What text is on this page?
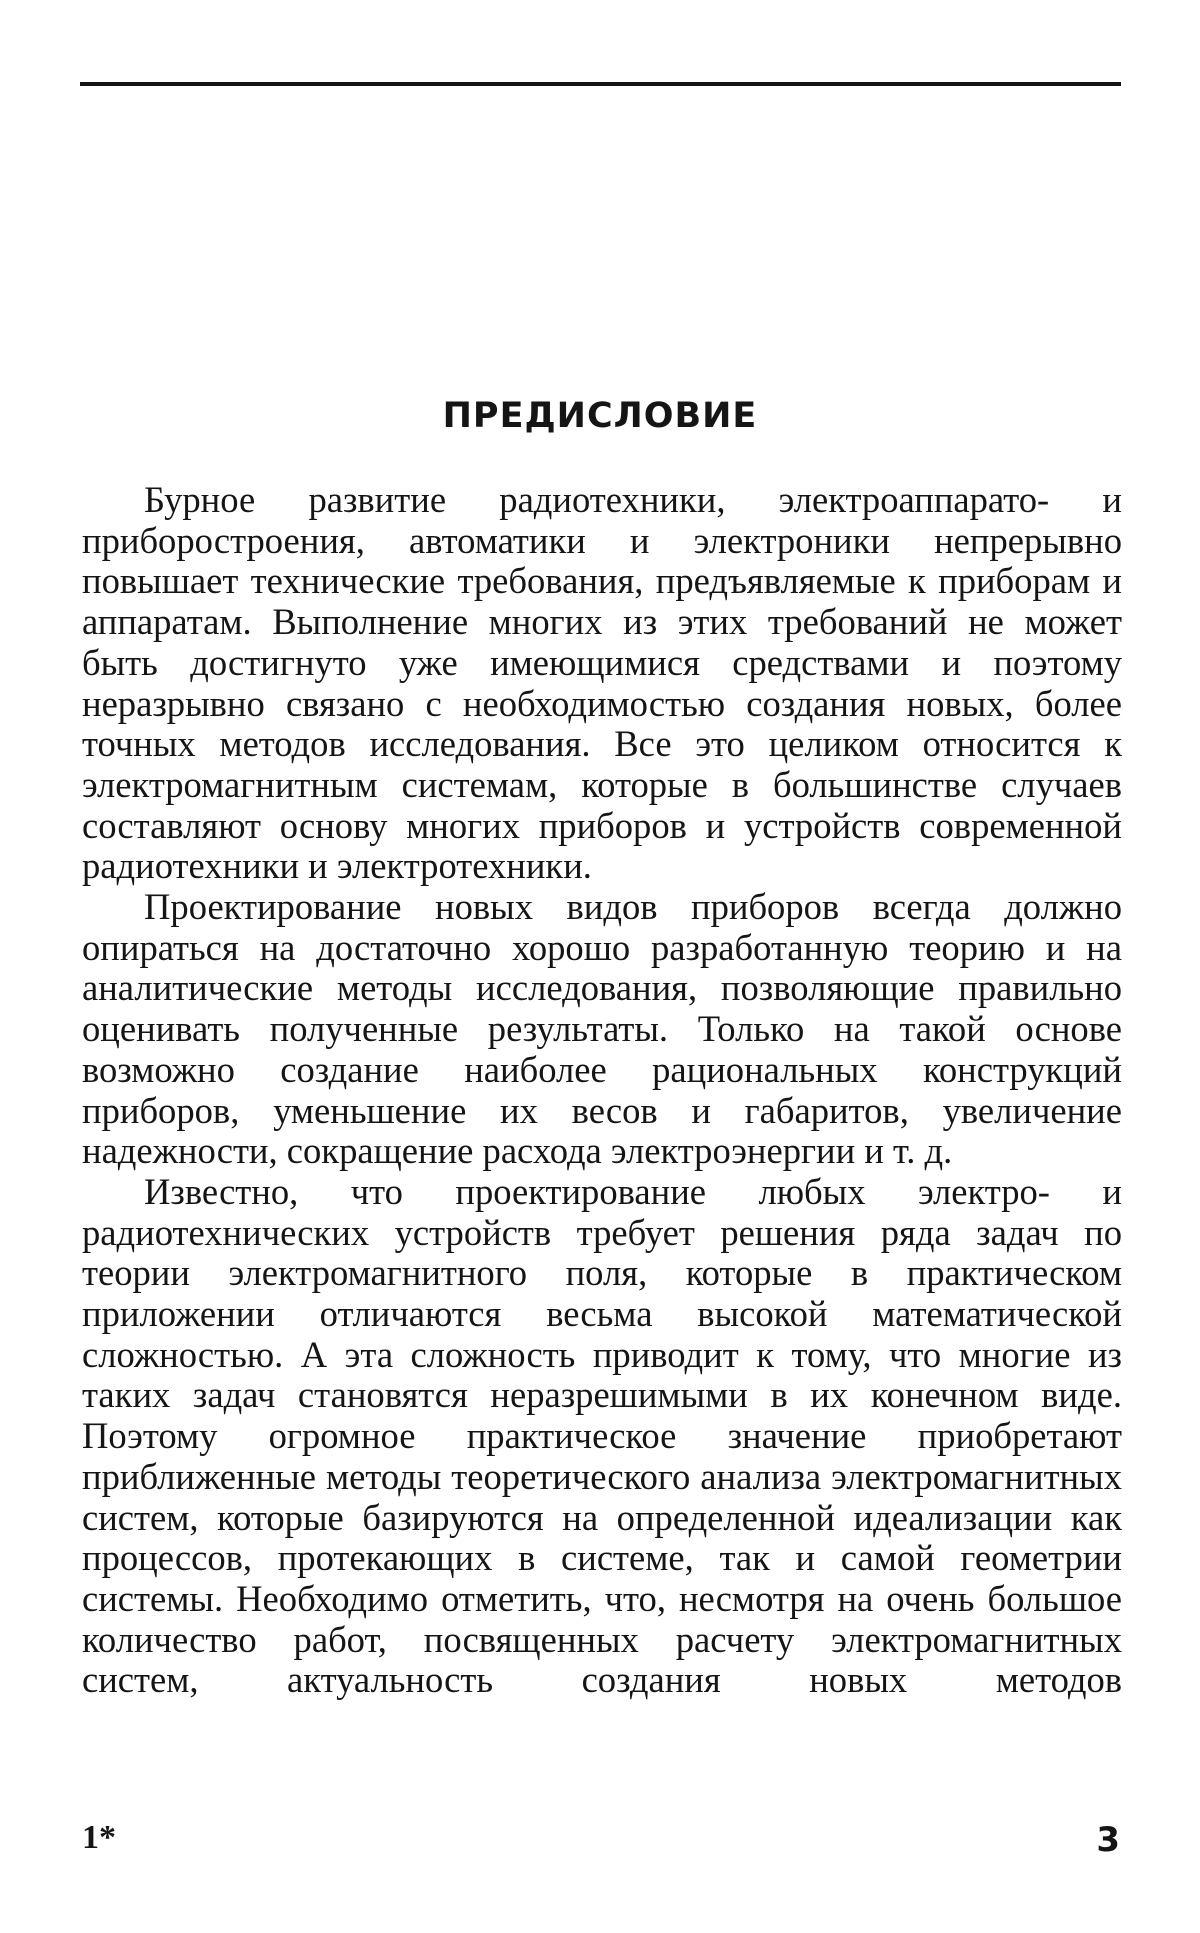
ПРЕДИСЛОВИЕ

Бурное развитие радиотехники, электроаппарато- и приборостроения, автоматики и электроники непрерывно повышает технические требования, предъявляемые к приборам и аппаратам. Выполнение многих из этих требований не может быть достигнуто уже имеющимися средствами и поэтому неразрывно связано с необходимостью создания новых, более точных методов исследования. Все это целиком относится к электромагнитным системам, которые в большинстве случаев составляют основу многих приборов и устройств современной радиотехники и электротехники.

Проектирование новых видов приборов всегда должно опираться на достаточно хорошо разработанную теорию и на аналитические методы исследования, позволяющие правильно оценивать полученные результаты. Только на такой основе возможно создание наиболее рациональных конструкций приборов, уменьшение их весов и габаритов, увеличение надежности, сокращение расхода электроэнергии и т. д.

Известно, что проектирование любых электро- и радиотехнических устройств требует решения ряда задач по теории электромагнитного поля, которые в практическом приложении отличаются весьма высокой математической сложностью. А эта сложность приводит к тому, что многие из таких задач становятся неразрешимыми в их конечном виде. Поэтому огромное практическое значение приобретают приближенные методы теоретического анализа электромагнитных систем, которые базируются на определенной идеализации как процессов, протекающих в системе, так и самой геометрии системы. Необходимо отметить, что, несмотря на очень большое количество работ, посвященных расчету электромагнитных систем, актуальность создания новых методов

1*	3
